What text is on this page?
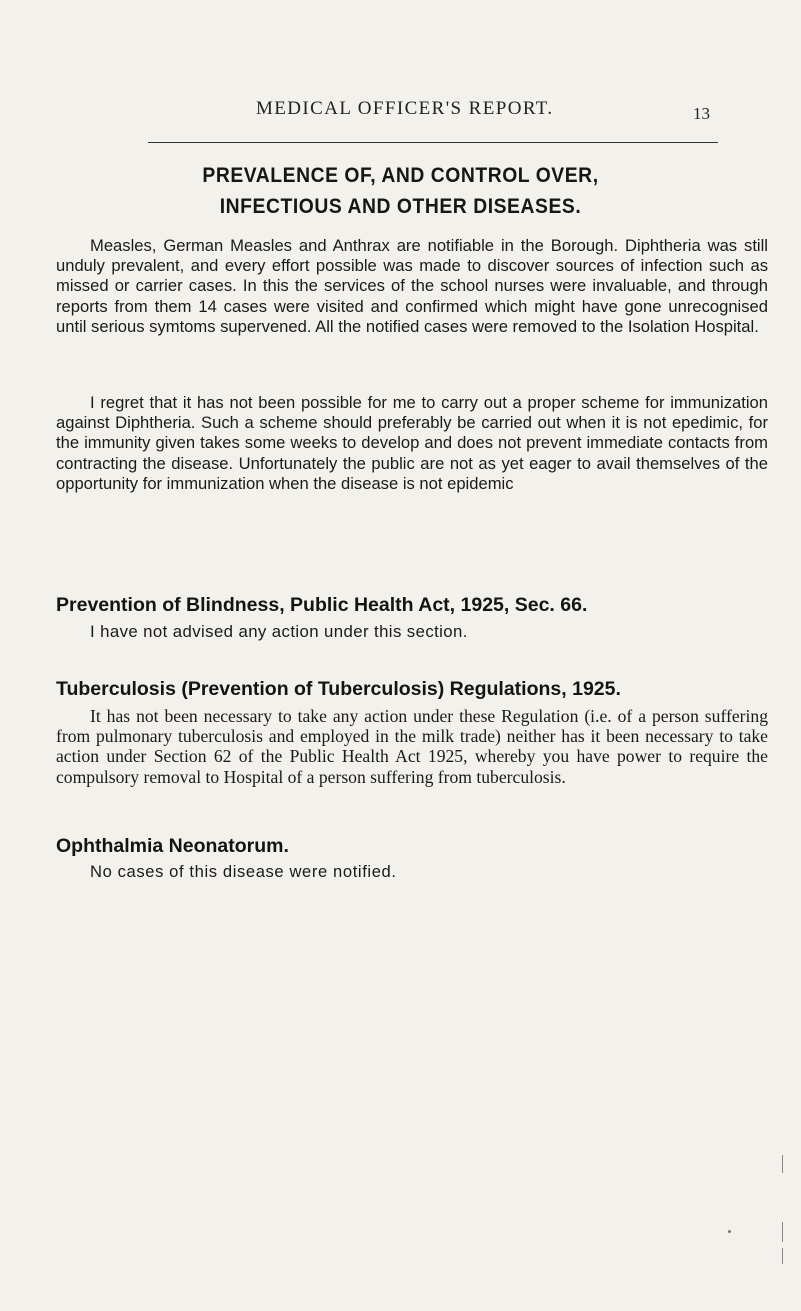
MEDICAL OFFICER'S REPORT.	13
PREVALENCE OF, AND CONTROL OVER,
INFECTIOUS AND OTHER DISEASES.

Measles, German Measles and Anthrax are notifiable in the Borough. Diphtheria was still unduly prevalent, and every effort possible was made to discover sources of infection such as missed or carrier cases. In this the services of the school nurses were invaluable, and through reports from them 14 cases were visited and confirmed which might have gone unrecognised until serious symtoms supervened. All the notified cases were removed to the Isolation Hospital.

I regret that it has not been possible for me to carry out a proper scheme for immunization against Diphtheria. Such a scheme should preferably be carried out when it is not epedimic, for the immunity given takes some weeks to develop and does not prevent immediate contacts from contracting the disease. Unfortunately the public are not as yet eager to avail themselves of the opportunity for immunization when the disease is not epidemic

Prevention of Blindness, Public Health Act, 1925, Sec. 66.
I have not advised any action under this section.
Tuberculosis (Prevention of Tuberculosis) Regulations, 1925.

It has not been necessary to take any action under these Regulation (i.e. of a person suffering from pulmonary tuberculosis and employed in the milk trade) neither has it been necessary to take action under Section 62 of the Public Health Act 1925, whereby you have power to require the compulsory removal to Hospital of a person suffering from tuberculosis.

Ophthalmia Neonatorum.
No cases of this disease were notified.
